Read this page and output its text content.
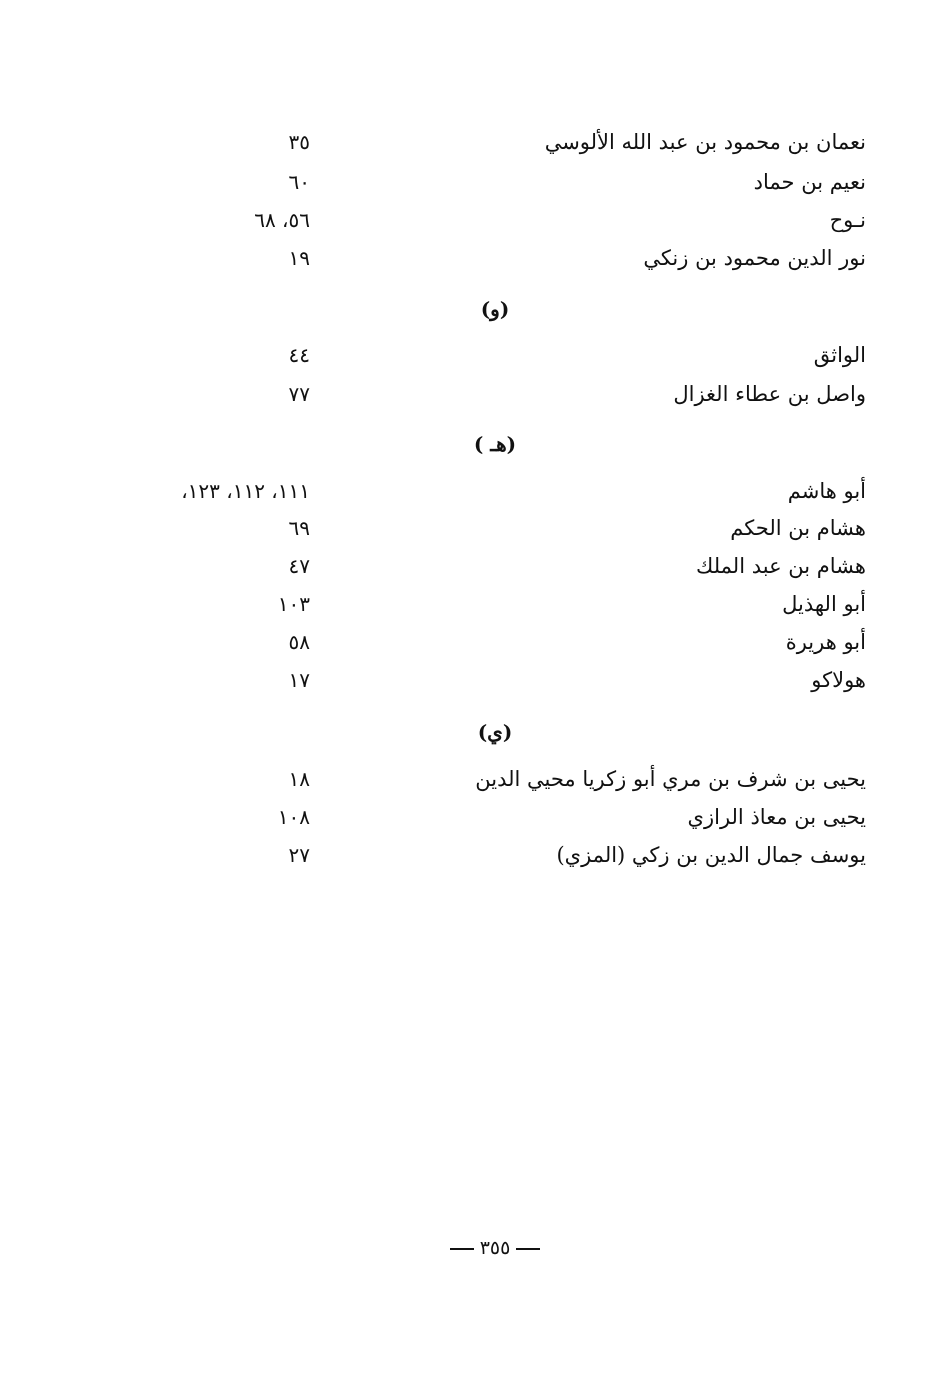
نعمان بن محمود بن عبد الله الألوسي
٣٥
نعيم بن حماد
٦٠
نـوح
٥٦، ٦٨
نور الدين محمود بن زنكي
١٩
(و)
الواثق
٤٤
واصل بن عطاء الغزال
٧٧
(هـ )
أبو هاشم
١١١، ١١٢، ١٢٣،
هشام بن الحكم
٦٩
هشام بن عبد الملك
٤٧
أبو الهذيل
١٠٣
أبو هريرة
٥٨
هولاكو
١٧
(ي)
يحيى بن شرف بن مري أبو زكريا محيي الدين
١٨
يحيى بن معاذ الرازي
١٠٨
يوسف جمال الدين بن زكي (المزي)
٢٧
٣٥٥
